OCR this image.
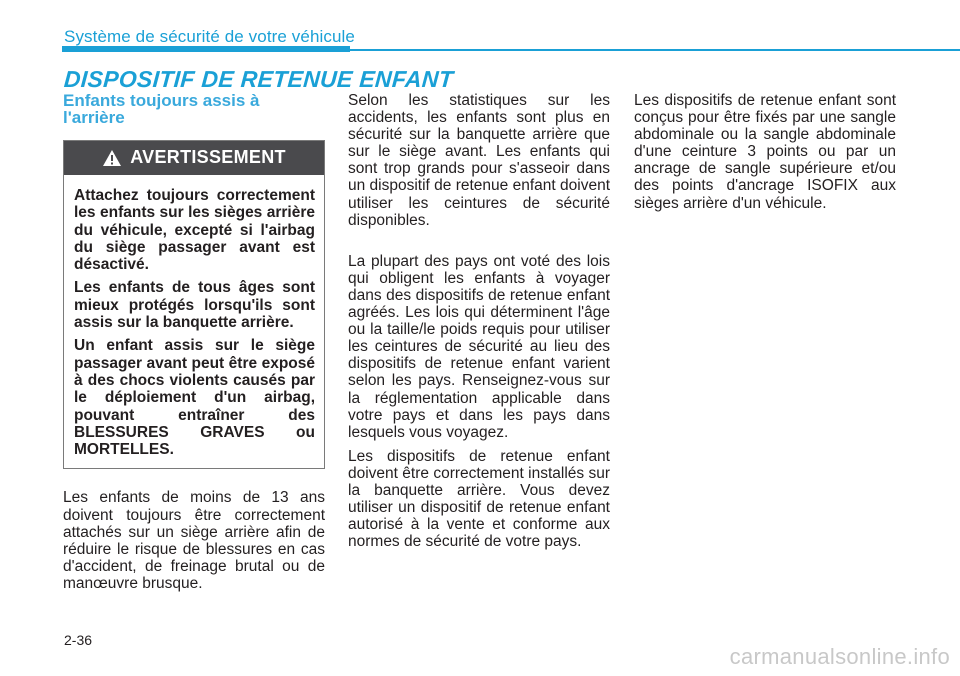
Système de sécurité de votre véhicule
DISPOSITIF DE RETENUE ENFANT
Enfants toujours assis à l'arrière
AVERTISSEMENT

Attachez toujours correctement les enfants sur les sièges arrière du véhicule, excepté si l'airbag du siège passager avant est désactivé.

Les enfants de tous âges sont mieux protégés lorsqu'ils sont assis sur la banquette arrière.

Un enfant assis sur le siège passager avant peut être exposé à des chocs violents causés par le déploiement d'un airbag, pouvant entraîner des BLESSURES GRAVES ou MORTELLES.

Les enfants de moins de 13 ans doivent toujours être correctement attachés sur un siège arrière afin de réduire le risque de blessures en cas d'accident, de freinage brutal ou de manœuvre brusque.

Selon les statistiques sur les accidents, les enfants sont plus en sécurité sur la banquette arrière que sur le siège avant. Les enfants qui sont trop grands pour s'asseoir dans un dispositif de retenue enfant doivent utiliser les ceintures de sécurité disponibles.

La plupart des pays ont voté des lois qui obligent les enfants à voyager dans des dispositifs de retenue enfant agréés. Les lois qui déterminent l'âge ou la taille/le poids requis pour utiliser les ceintures de sécurité au lieu des dispositifs de retenue enfant varient selon les pays. Renseignez-vous sur la réglementation applicable dans votre pays et dans les pays dans lesquels vous voyagez.

Les dispositifs de retenue enfant doivent être correctement installés sur la banquette arrière. Vous devez utiliser un dispositif de retenue enfant autorisé à la vente et conforme aux normes de sécurité de votre pays.

Les dispositifs de retenue enfant sont conçus pour être fixés par une sangle abdominale ou la sangle abdominale d'une ceinture 3 points ou par un ancrage de sangle supérieure et/ou des points d'ancrage ISOFIX aux sièges arrière d'un véhicule.

2-36
carmanualsonline.info
